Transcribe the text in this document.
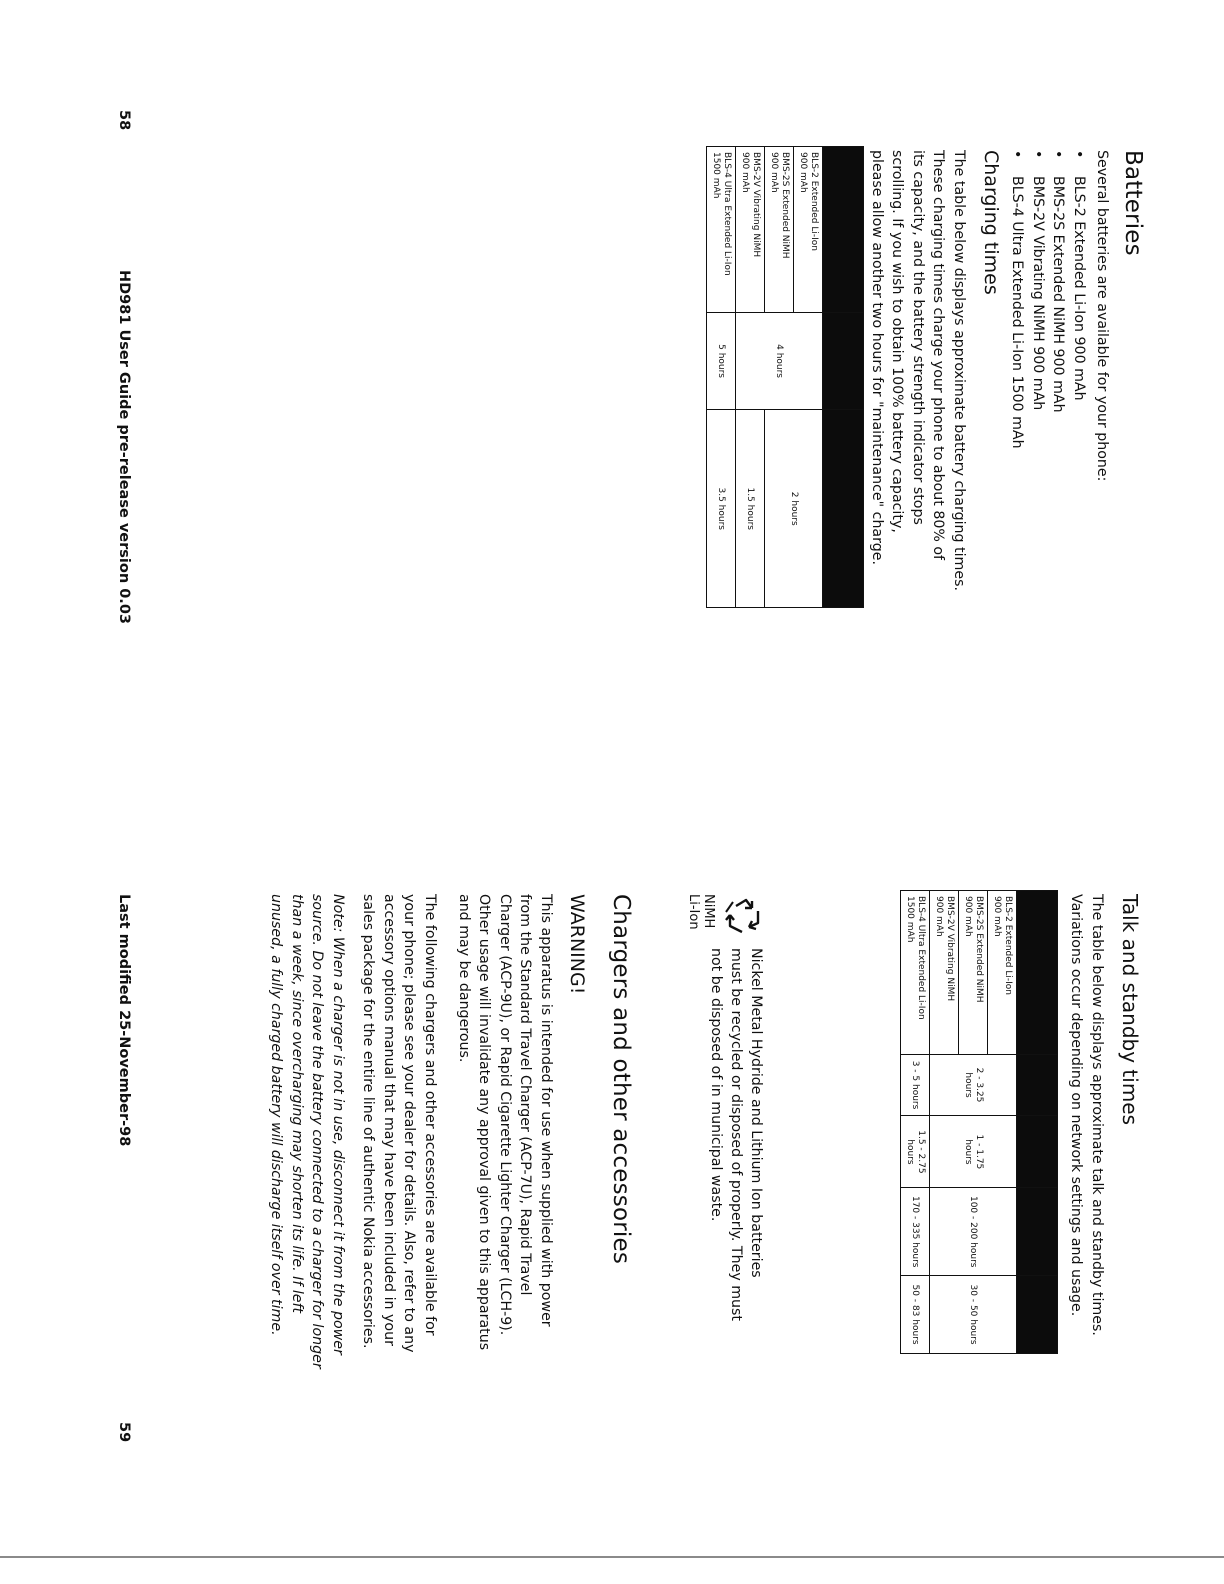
Batteries

Several batteries are available for your phone:

• BLS-2 Extended Li-Ion 900 mAh
• BMS-2S Extended NiMH 900 mAh
• BMS-2V Vibrating NiMH 900 mAh
• BLS-4 Ultra Extended Li-Ion 1500 mAh
Charging times
The table below displays approximate battery charging times.
These charging times charge your phone to about 80% of
its capacity, and the battery strength indicator stops
scrolling. If you wish to obtain 100% battery capacity,
please allow another two hours for "maintenance" charge.

BLS-2 Extended Li-Ion
900 mAh	4 hours	2 hours

BMS-2S Extended NiMH
900 mAh		

BMS-2V Vibrating NiMH
900 mAh		1.5 hours

BLS-4 Ultra Extended Li-Ion
1500 mAh	5 hours	3.5 hours
58
HD981 User Guide pre-release version 0.03
Talk and standby times
The table below displays approximate talk and standby times.
Variations occur depending on network settings and usage.

BLS-2 Extended Li-Ion
900 mAh	2 - 3.25 hours	1 - 1.75 hours	100 - 200 hours	30 - 50 hours

BMS-2S Extended NiMH
900 mAh				

BMS-2V Vibrating NiMH
900 mAh				

BLS-4 Ultra Extended Li-Ion
1500 mAh	3 - 5 hours	1.5 - 2.75 hours	170 - 335 hours	50 - 83 hours
NiMH
Li-Ion
Nickel Metal Hydride and Lithium Ion batteries
must be recycled or disposed of properly. They must
not be disposed of in municipal waste.
Chargers and other accessories
WARNING!
This apparatus is intended for use when supplied with power
from the Standard Travel Charger (ACP-7U), Rapid Travel
Charger (ACP-9U), or Rapid Cigarette Lighter Charger (LCH-9).
Other usage will invalidate any approval given to this apparatus
and may be dangerous.
The following chargers and other accessories are available for
your phone; please see your dealer for details. Also, refer to any
accessory options manual that may have been included in your
sales package for the entire line of authentic Nokia accessories.
Note: When a charger is not in use, disconnect it from the power
source. Do not leave the battery connected to a charger for longer
than a week, since overcharging may shorten its life. If left
unused, a fully charged battery will discharge itself over time.
Last modified 25-November-98
59
